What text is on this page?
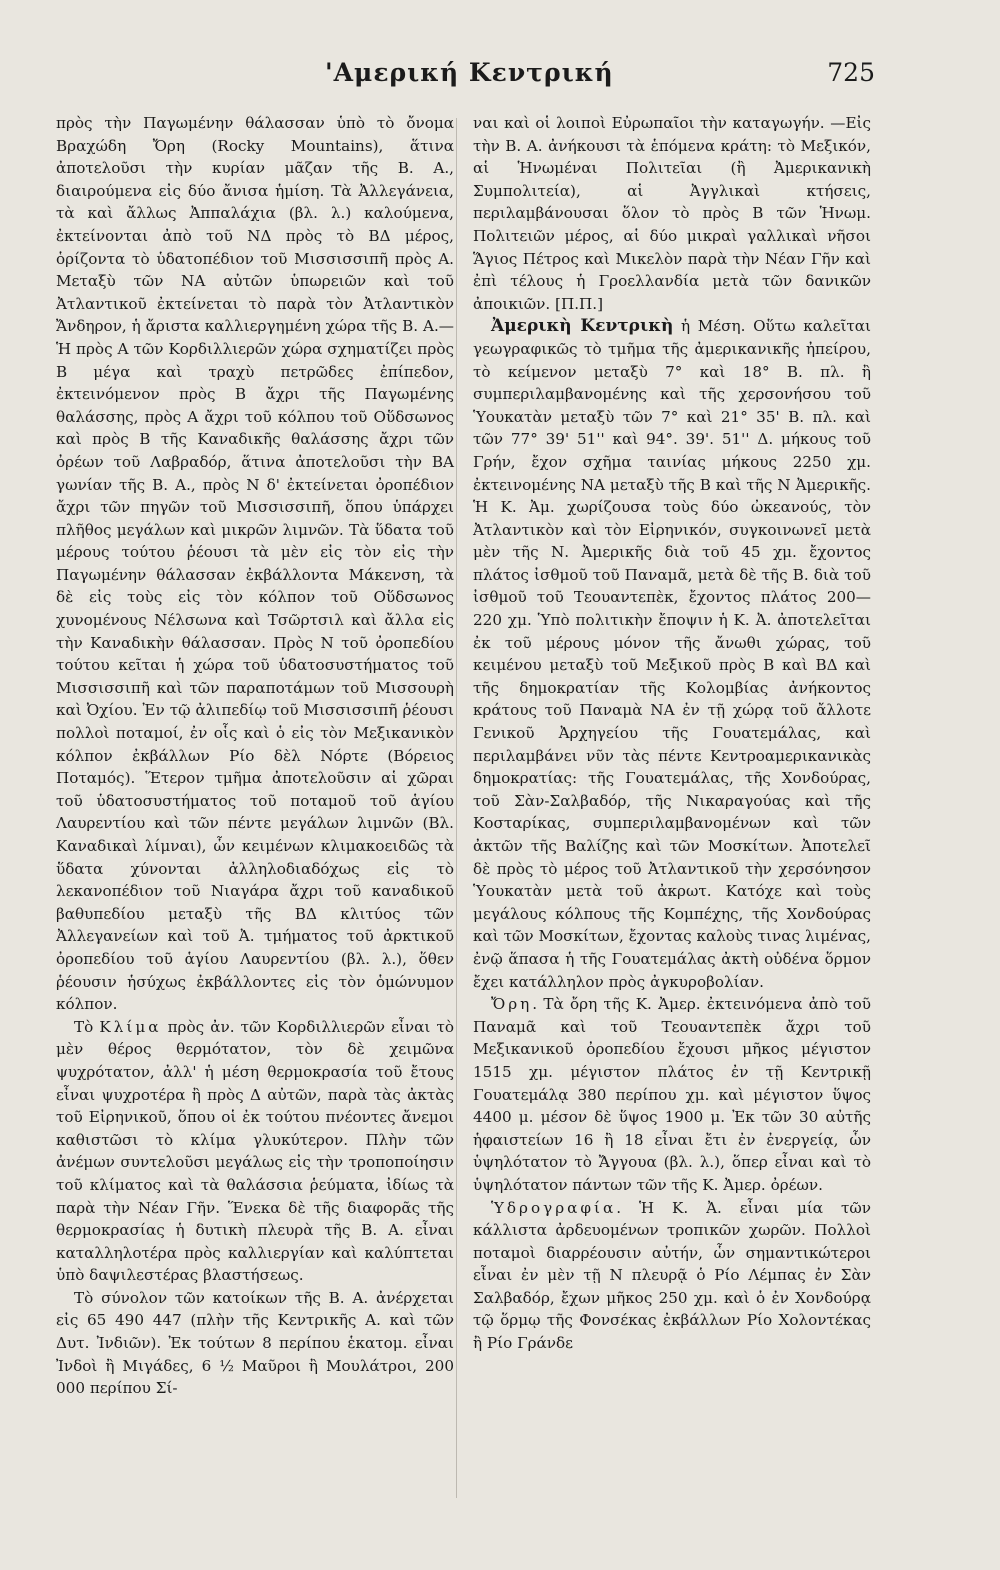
'Αμερική Κεντρική	725

πρὸς τὴν Παγωμένην θάλασσαν ὑπὸ τὸ ὄνομα Βραχώδη Ὄρη (Rocky Mountains), ἅτινα ἀποτελοῦσι τὴν κυρίαν μᾶζαν τῆς Β. Α., διαιρούμενα εἰς δύο ἄνισα ἡμίση. Τὰ Ἀλλεγάνεια, τὰ καὶ ἄλλως Ἀππαλάχια (βλ. λ.) καλούμενα, ἐκτείνονται ἀπὸ τοῦ ΝΔ πρὸς τὸ ΒΔ μέρος, ὁρίζοντα τὸ ὑδατοπέδιον τοῦ Μισσισσιπῆ πρὸς Α. Μεταξὺ τῶν ΝΑ αὐτῶν ὑπωρειῶν καὶ τοῦ Ἀτλαντικοῦ ἐκτείνεται τὸ παρὰ τὸν Ἀτλαντικὸν Ἄνδηρον, ἡ ἄριστα καλλιεργημένη χώρα τῆς Β. Α.—Ἡ πρὸς Α τῶν Κορδιλλιερῶν χώρα σχηματίζει πρὸς Β μέγα καὶ τραχὺ πετρῶδες ἐπίπεδον, ἐκτεινόμενον πρὸς Β ἄχρι τῆς Παγωμένης θαλάσσης, πρὸς Α ἄχρι τοῦ κόλπου τοῦ Οὕδσωνος καὶ πρὸς Β τῆς Καναδικῆς θαλάσσης ἄχρι τῶν ὀρέων τοῦ Λαβραδόρ, ἅτινα ἀποτελοῦσι τὴν ΒΑ γωνίαν τῆς Β. Α., πρὸς Ν δ' ἐκτείνεται ὀροπέδιον ἄχρι τῶν πηγῶν τοῦ Μισσισσιπῆ, ὅπου ὑπάρχει πλῆθος μεγάλων καὶ μικρῶν λιμνῶν. Τὰ ὕδατα τοῦ μέρους τούτου ῥέουσι τὰ μὲν εἰς τὸν εἰς τὴν Παγωμένην θάλασσαν ἐκβάλλοντα Μάκενση, τὰ δὲ εἰς τοὺς εἰς τὸν κόλπον τοῦ Οὕδσωνος χυνομένους Νέλσωνα καὶ Τσῶρτσιλ καὶ ἄλλα εἰς τὴν Καναδικὴν θάλασσαν. Πρὸς Ν τοῦ ὀροπεδίου τούτου κεῖται ἡ χώρα τοῦ ὑδατοσυστήματος τοῦ Μισσισσιπῆ καὶ τῶν παραποτάμων τοῦ Μισσουρὴ καὶ Ὀχίου. Ἐν τῷ ἀλιπεδίῳ τοῦ Μισσισσιπῆ ῥέουσι πολλοὶ ποταμοί, ἐν οἷς καὶ ὁ εἰς τὸν Μεξικανικὸν κόλπον ἐκβάλλων Ρίο δὲλ Νόρτε (Βόρειος Ποταμός). Ἕτερον τμῆμα ἀποτελοῦσιν αἱ χῶραι τοῦ ὑδατοσυστήματος τοῦ ποταμοῦ τοῦ ἁγίου Λαυρεντίου καὶ τῶν πέντε μεγάλων λιμνῶν (Βλ. Καναδικαὶ λίμναι), ὧν κειμένων κλιμακοειδῶς τὰ ὕδατα χύνονται ἀλληλοδιαδόχως εἰς τὸ λεκανοπέδιον τοῦ Νιαγάρα ἄχρι τοῦ καναδικοῦ βαθυπεδίου μεταξὺ τῆς ΒΔ κλιτύος τῶν Ἀλλεγανείων καὶ τοῦ Ἀ. τμήματος τοῦ ἀρκτικοῦ ὀροπεδίου τοῦ ἁγίου Λαυρεντίου (βλ. λ.), ὅθεν ῥέουσιν ἡσύχως ἐκβάλλοντες εἰς τὸν ὁμώνυμον κόλπον.

Τὸ Κλίμα πρὸς ἀν. τῶν Κορδιλλιερῶν εἶναι τὸ μὲν θέρος θερμότατον, τὸν δὲ χειμῶνα ψυχρότατον, ἀλλ' ἡ μέση θερμοκρασία τοῦ ἔτους εἶναι ψυχροτέρα ἢ πρὸς Δ αὐτῶν, παρὰ τὰς ἀκτὰς τοῦ Εἰρηνικοῦ, ὅπου οἱ ἐκ τούτου πνέοντες ἄνεμοι καθιστῶσι τὸ κλίμα γλυκύτερον. Πλὴν τῶν ἀνέμων συντελοῦσι μεγάλως εἰς τὴν τροποποίησιν τοῦ κλίματος καὶ τὰ θαλάσσια ῥεύματα, ἰδίως τὰ παρὰ τὴν Νέαν Γῆν. Ἕνεκα δὲ τῆς διαφορᾶς τῆς θερμοκρασίας ἡ δυτικὴ πλευρὰ τῆς Β. Α. εἶναι καταλληλοτέρα πρὸς καλλιεργίαν καὶ καλύπτεται ὑπὸ δαψιλεστέρας βλαστήσεως.

Τὸ σύνολον τῶν κατοίκων τῆς Β. Α. ἀνέρχεται εἰς 65 490 447 (πλὴν τῆς Κεντρικῆς Α. καὶ τῶν Δυτ. Ἰνδιῶν). Ἐκ τούτων 8 περίπου ἑκατομ. εἶναι Ἰνδοὶ ἢ Μιγάδες, 6 ½ Μαῦροι ἢ Μουλάτροι, 200 000 περίπου Σί-

ναι καὶ οἱ λοιποὶ Εὐρωπαῖοι τὴν καταγωγήν. —Εἰς τὴν Β. Α. ἀνήκουσι τὰ ἑπόμενα κράτη: τὸ Μεξικόν, αἱ Ἡνωμέναι Πολιτεῖαι (ἢ Ἀμερικανικὴ Συμπολιτεία), αἱ Ἀγγλικαὶ κτήσεις, περιλαμβάνουσαι ὅλον τὸ πρὸς Β τῶν Ἡνωμ. Πολιτειῶν μέρος, αἱ δύο μικραὶ γαλλικαὶ νῆσοι Ἅγιος Πέτρος καὶ Μικελὸν παρὰ τὴν Νέαν Γῆν καὶ ἐπὶ τέλους ἡ Γροελλανδία μετὰ τῶν δανικῶν ἀποικιῶν. [Π.Π.]

Ἀμερικὴ Κεντρικὴ ἡ Μέση. Οὕτω καλεῖται γεωγραφικῶς τὸ τμῆμα τῆς ἀμερικανικῆς ἠπείρου, τὸ κείμενον μεταξὺ 7° καὶ 18° Β. πλ. ἢ συμπεριλαμβανομένης καὶ τῆς χερσονήσου τοῦ Ὑουκατὰν μεταξὺ τῶν 7° καὶ 21° 35' Β. πλ. καὶ τῶν 77° 39' 51'' καὶ 94°. 39'. 51'' Δ. μήκους τοῦ Γρήν, ἔχον σχῆμα ταινίας μήκους 2250 χμ. ἐκτεινομένης ΝΑ μεταξὺ τῆς Β καὶ τῆς Ν Ἀμερικῆς. Ἡ Κ. Ἀμ. χωρίζουσα τοὺς δύο ὠκεανούς, τὸν Ἀτλαντικὸν καὶ τὸν Εἰρηνικόν, συγκοινωνεῖ μετὰ μὲν τῆς Ν. Ἀμερικῆς διὰ τοῦ 45 χμ. ἔχοντος πλάτος ἰσθμοῦ τοῦ Παναμᾶ, μετὰ δὲ τῆς Β. διὰ τοῦ ἰσθμοῦ τοῦ Τεουαντεπὲκ, ἔχοντος πλάτος 200—220 χμ. Ὑπὸ πολιτικὴν ἔποψιν ἡ Κ. Ἀ. ἀποτελεῖται ἐκ τοῦ μέρους μόνον τῆς ἄνωθι χώρας, τοῦ κειμένου μεταξὺ τοῦ Μεξικοῦ πρὸς Β καὶ ΒΔ καὶ τῆς δημοκρατίαν τῆς Κολομβίας ἀνήκοντος κράτους τοῦ Παναμὰ ΝΑ ἐν τῇ χώρᾳ τοῦ ἄλλοτε Γενικοῦ Ἀρχηγείου τῆς Γουατεμάλας, καὶ περιλαμβάνει νῦν τὰς πέντε Κεντροαμερικανικὰς δημοκρατίας: τῆς Γουατεμάλας, τῆς Χονδούρας, τοῦ Σὰν-Σαλβαδόρ, τῆς Νικαραγούας καὶ τῆς Κοσταρίκας, συμπεριλαμβανομένων καὶ τῶν ἀκτῶν τῆς Βαλίζης καὶ τῶν Μοσκίτων. Ἀποτελεῖ δὲ πρὸς τὸ μέρος τοῦ Ἀτλαντικοῦ τὴν χερσόνησον Ὑουκατὰν μετὰ τοῦ ἀκρωτ. Κατόχε καὶ τοὺς μεγάλους κόλπους τῆς Κομπέχης, τῆς Χονδούρας καὶ τῶν Μοσκίτων, ἔχοντας καλοὺς τινας λιμένας, ἐνῷ ἅπασα ἡ τῆς Γουατεμάλας ἀκτὴ οὐδένα ὅρμον ἔχει κατάλληλον πρὸς ἀγκυροβολίαν.

Ὄρη. Τὰ ὄρη τῆς Κ. Ἀμερ. ἐκτεινόμενα ἀπὸ τοῦ Παναμᾶ καὶ τοῦ Τεουαντεπὲκ ἄχρι τοῦ Μεξικανικοῦ ὀροπεδίου ἔχουσι μῆκος μέγιστον 1515 χμ. μέγιστον πλάτος ἐν τῇ Κεντρικῇ Γουατεμάλᾳ 380 περίπου χμ. καὶ μέγιστον ὕψος 4400 μ. μέσον δὲ ὕψος 1900 μ. Ἐκ τῶν 30 αὐτῆς ἡφαιστείων 16 ἢ 18 εἶναι ἔτι ἐν ἐνεργείᾳ, ὧν ὑψηλότατον τὸ Ἄγγουα (βλ. λ.), ὅπερ εἶναι καὶ τὸ ὑψηλότατον πάντων τῶν τῆς Κ. Ἀμερ. ὀρέων.

Ὑδρογραφία. Ἡ Κ. Ἀ. εἶναι μία τῶν κάλλιστα ἀρδευομένων τροπικῶν χωρῶν. Πολλοὶ ποταμοὶ διαρρέουσιν αὐτήν, ὧν σημαντικώτεροι εἶναι ἐν μὲν τῇ Ν πλευρᾷ ὁ Ρίο Λέμπας ἐν Σὰν Σαλβαδόρ, ἔχων μῆκος 250 χμ. καὶ ὁ ἐν Χονδούρᾳ τῷ ὅρμῳ τῆς Φονσέκας ἐκβάλλων Ρίο Χολοντέκας ἢ Ρίο Γράνδε
